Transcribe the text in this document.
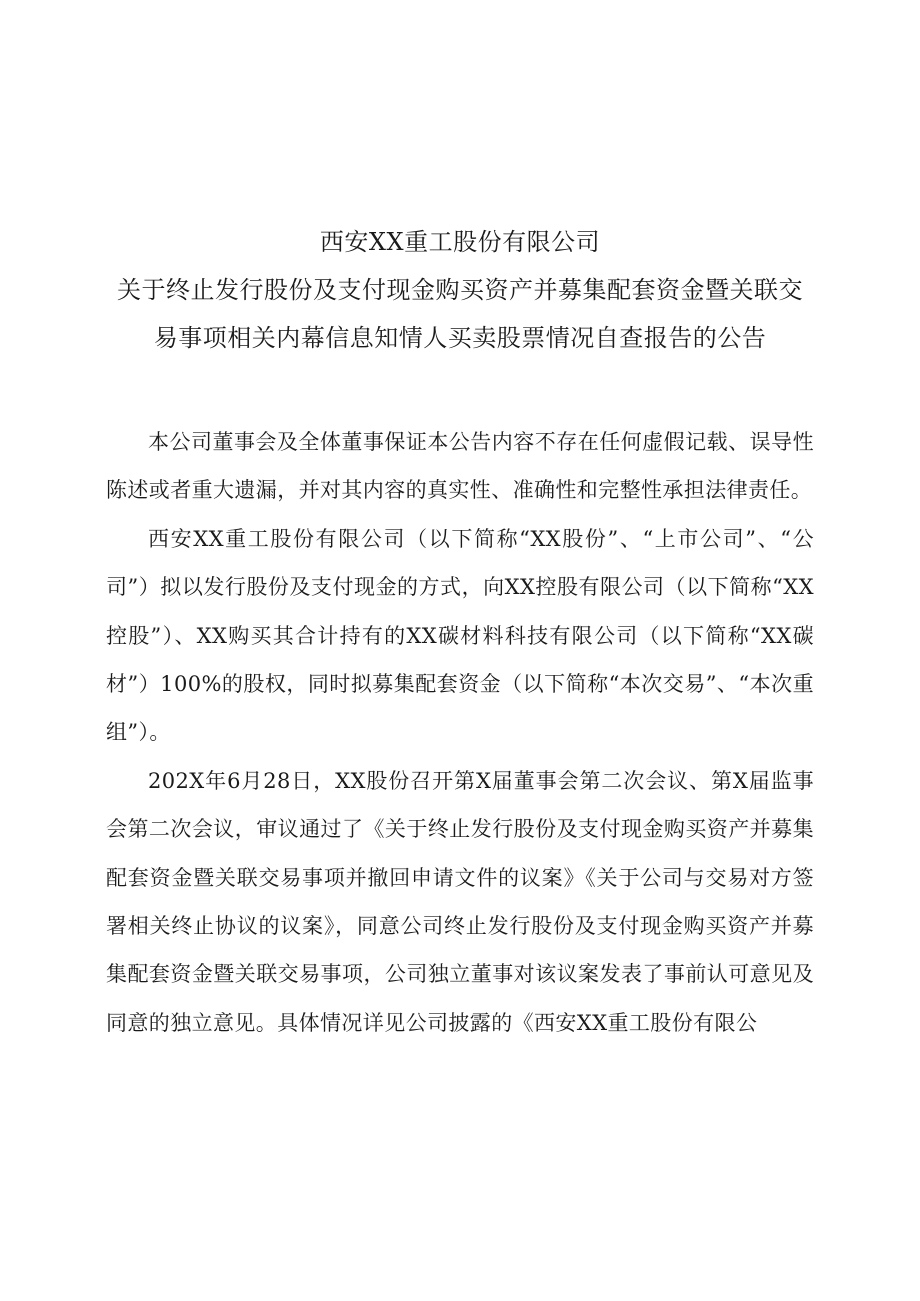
西安XX重工股份有限公司
关于终止发行股份及支付现金购买资产并募集配套资金暨关联交
易事项相关内幕信息知情人买卖股票情况自查报告的公告

本公司董事会及全体董事保证本公告内容不存在任何虚假记载、误导性陈述或者重大遗漏，并对其内容的真实性、准确性和完整性承担法律责任。

西安XX重工股份有限公司（以下简称“XX股份”、“上市公司”、“公司”）拟以发行股份及支付现金的方式，向XX控股有限公司（以下简称“XX控股”）、XX购买其合计持有的XX碳材料科技有限公司（以下简称“XX碳材”）100%的股权，同时拟募集配套资金（以下简称“本次交易”、“本次重组”）。

202X年6月28日，XX股份召开第X届董事会第二次会议、第X届监事会第二次会议，审议通过了《关于终止发行股份及支付现金购买资产并募集配套资金暨关联交易事项并撤回申请文件的议案》《关于公司与交易对方签署相关终止协议的议案》，同意公司终止发行股份及支付现金购买资产并募集配套资金暨关联交易事项，公司独立董事对该议案发表了事前认可意见及同意的独立意见。具体情况详见公司披露的《西安XX重工股份有限公
